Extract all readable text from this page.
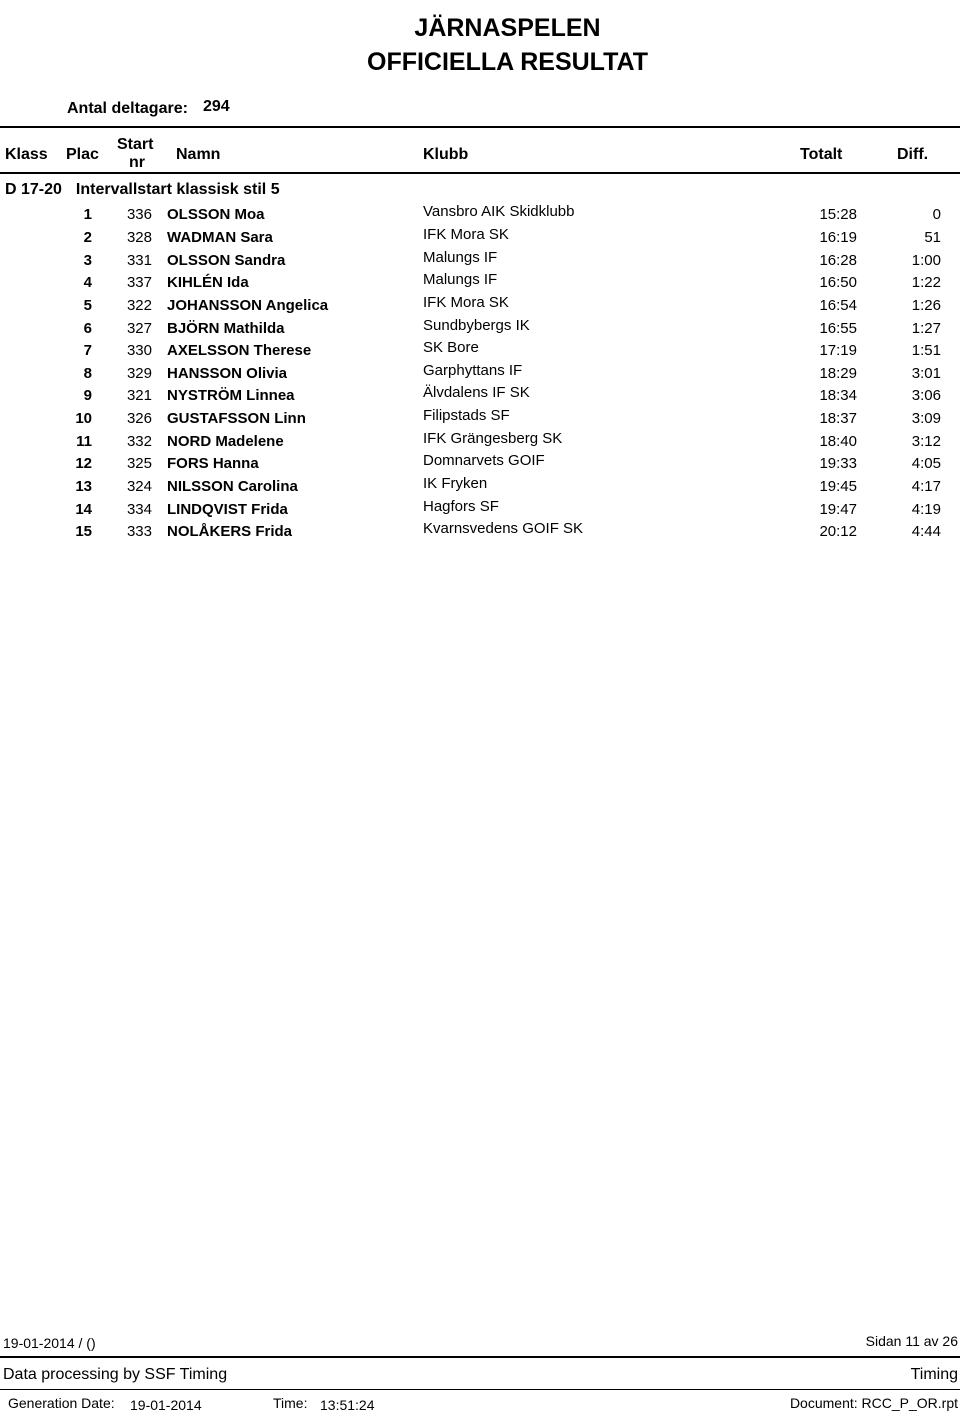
JÄRNASPELEN
OFFICIELLA RESULTAT
Antal deltagare: 294
Klass Plac
Start
nr Namn	Klubb	Totalt	Diff.
D 17-20 Intervallstart klassisk stil 5
1	336 OLSSON Moa	Vansbro AIK Skidklubb	15:28	0
2	328 WADMAN Sara	IFK Mora SK	16:19	51
3	331 OLSSON Sandra	Malungs IF	16:28	1:00
4	337 KIHLÉN Ida	Malungs IF	16:50	1:22
5	322 JOHANSSON Angelica	IFK Mora SK	16:54	1:26
6	327 BJÖRN Mathilda	Sundbybergs IK	16:55	1:27
7	330 AXELSSON Therese	SK Bore	17:19	1:51
8	329 HANSSON Olivia	Garphyttans IF	18:29	3:01
9	321 NYSTRÖM Linnea	Älvdalens IF SK	18:34	3:06
10	326 GUSTAFSSON Linn	Filipstads SF	18:37	3:09
11	332 NORD Madelene	IFK Grängesberg SK	18:40	3:12
12	325 FORS Hanna	Domnarvets GOIF	19:33	4:05
13	324 NILSSON Carolina	IK Fryken	19:45	4:17
14	334 LINDQVIST Frida	Hagfors SF	19:47	4:19
15	333 NOLÅKERS Frida	Kvarnsvedens GOIF SK	20:12	4:44
19-01-2014 / ()	Sidan 11 av 26
Data processing by SSF Timing	Timing
Generation Date: 19-01-2014	Time: 13:51:24	Document: RCC_P_OR.rpt
